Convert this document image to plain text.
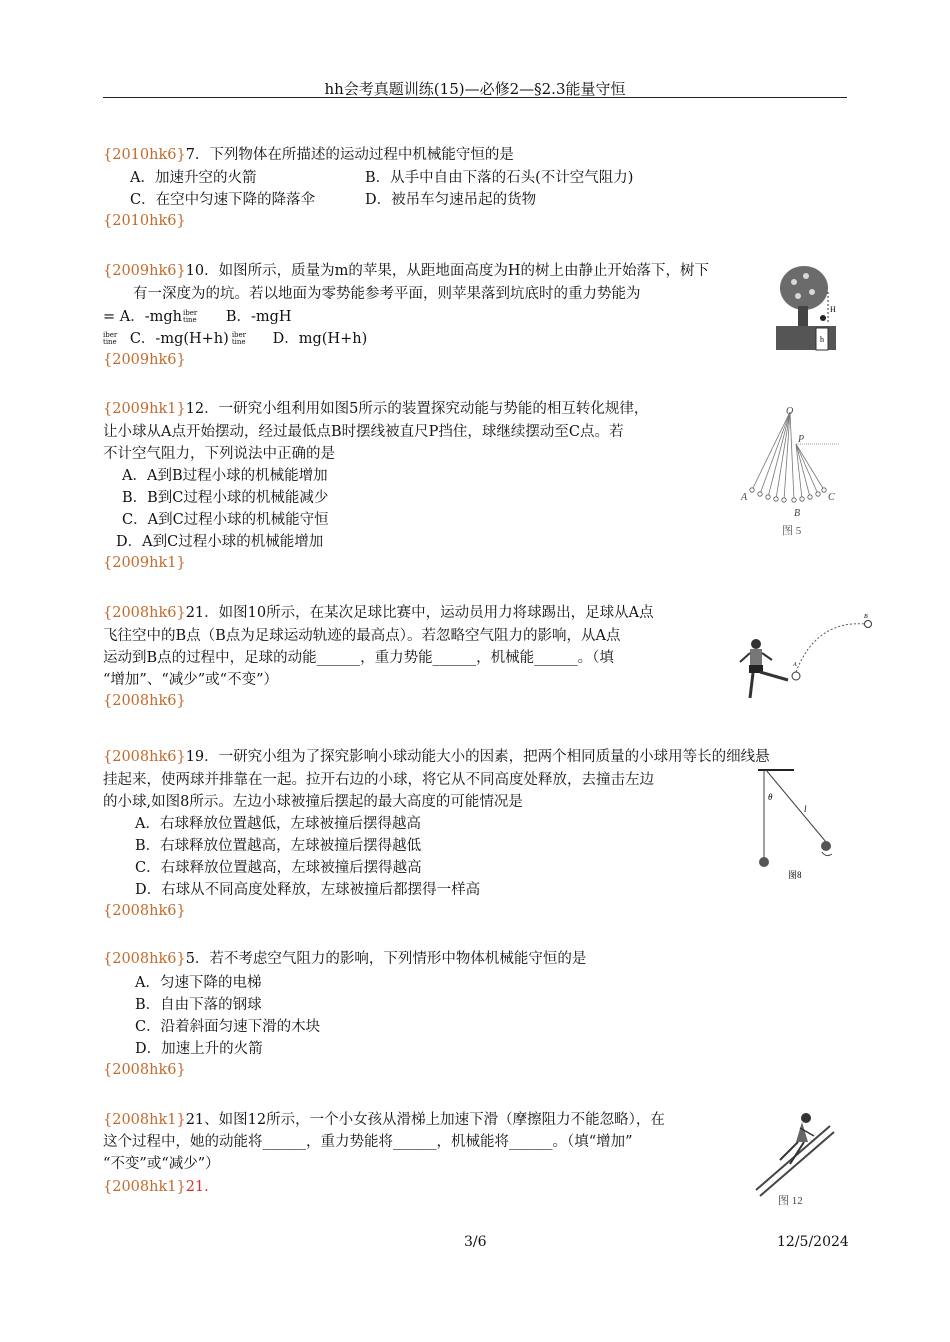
hh会考真题训练(15)—必修2—§2.3能量守恒
{2010hk6}7．下列物体在所描述的运动过程中机械能守恒的是
A．加速升空的火箭	B．从手中自由下落的石头(不计空气阻力)
C．在空中匀速下降的降落伞	D．被吊车匀速吊起的货物
{2010hk6}
{2009hk6}10．如图所示，质量为m的苹果，从距地面高度为H的树上由静止开始落下，树下
有一深度为的坑。若以地面为零势能参考平面，则苹果落到坑底时的重力势能为
= A．-mghiber
tine B．-mgH
iber
tine C．-mg(H+h) iber
tine D．mg(H+h)
{2009hk6}
H
h
{2009hk1}12．一研究小组利用如图5所示的装置探究动能与势能的相互转化规律，
让小球从A点开始摆动，经过最低点B时摆线被直尺P挡住，球继续摆动至C点。若
不计空气阻力，下列说法中正确的是
A．A到B过程小球的机械能增加
B．B到C过程小球的机械能减少
C．A到C过程小球的机械能守恒
D．A到C过程小球的机械能增加
{2009hk1}
O
P
A
B
C
图 5
{2008hk6}21．如图10所示，在某次足球比赛中，运动员用力将球踢出，足球从A点
飞往空中的B点（B点为足球运动轨迹的最高点）。若忽略空气阻力的影响，从A点
运动到B点的过程中，足球的动能______，重力势能______，机械能______。（填
“增加”、“减少”或“不变”）
{2008hk6}
B
A
{2008hk6}19．一研究小组为了探究影响小球动能大小的因素，把两个相同质量的小球用等长的细线悬
挂起来，使两球并排靠在一起。拉开右边的小球，将它从不同高度处释放，去撞击左边
的小球,如图8所示。左边小球被撞后摆起的最大高度的可能情况是
A．右球释放位置越低，左球被撞后摆得越高
B．右球释放位置越高，左球被撞后摆得越低
C．右球释放位置越高，左球被撞后摆得越高
D．右球从不同高度处释放，左球被撞后都摆得一样高
{2008hk6}
θ
l
图8
{2008hk6}5．若不考虑空气阻力的影响，下列情形中物体机械能守恒的是
A．匀速下降的电梯
B．自由下落的钢球
C．沿着斜面匀速下滑的木块
D．加速上升的火箭
{2008hk6}
{2008hk1}21、如图12所示，一个小女孩从滑梯上加速下滑（摩擦阻力不能忽略），在
这个过程中，她的动能将______，重力势能将______，机械能将______。（填“增加”
“不变”或“减少”）
{2008hk1}21.
图 12
3/6	12/5/2024
